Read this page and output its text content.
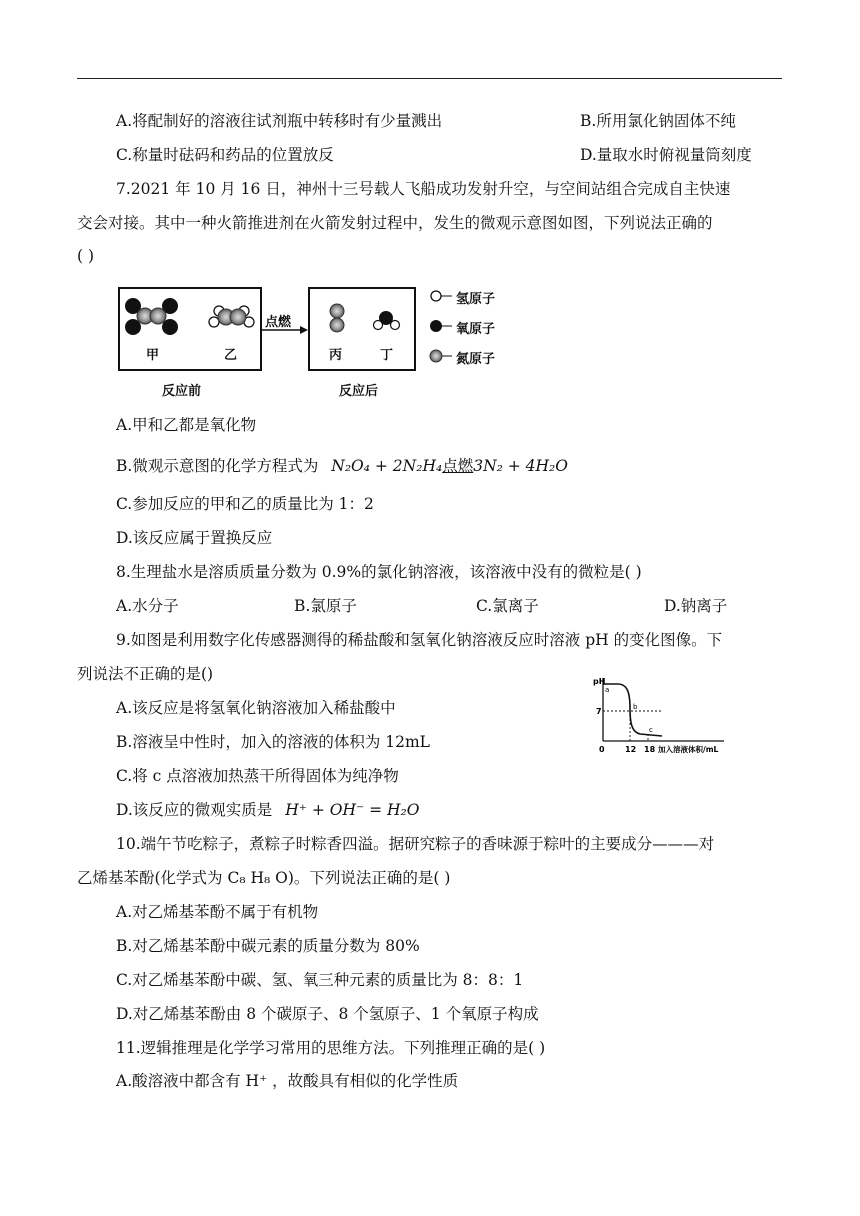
A.将配制好的溶液往试剂瓶中转移时有少量溅出	B.所用氯化钠固体不纯
C.称量时砝码和药品的位置放反	D.量取水时俯视量筒刻度
7.2021 年 10 月 16 日，神州十三号载人飞船成功发射升空，与空间站组合完成自主快速
交会对接。其中一种火箭推进剂在火箭发射过程中，发生的微观示意图如图，下列说法正确的
( )
甲	乙	丙	丁
点燃
反应前	反应后
氢原子
氧原子
氮原子
A.甲和乙都是氧化物
B.微观示意图的化学方程式为 N₂O₄ + 2N₂H₄点燃3N₂ + 4H₂O
C.参加反应的甲和乙的质量比为 1：2
D.该反应属于置换反应
8.生理盐水是溶质质量分数为 0.9%的氯化钠溶液，该溶液中没有的微粒是( )
A.水分子	B.氯原子	C.氯离子	D.钠离子
9.如图是利用数字化传感器测得的稀盐酸和氢氧化钠溶液反应时溶液 pH 的变化图像。下
列说法不正确的是()
A.该反应是将氢氧化钠溶液加入稀盐酸中
B.溶液呈中性时，加入的溶液的体积为 12mL
C.将 c 点溶液加热蒸干所得固体为纯净物
D.该反应的微观实质是 H⁺ + OH⁻ = H₂O
pH
7
0	12 18 加入溶液体积/mL
a
b
c
10.端午节吃粽子，煮粽子时粽香四溢。据研究粽子的香味源于粽叶的主要成分———对
乙烯基苯酚(化学式为 C₈ H₈ O)。下列说法正确的是( )
A.对乙烯基苯酚不属于有机物
B.对乙烯基苯酚中碳元素的质量分数为 80%
C.对乙烯基苯酚中碳、氢、氧三种元素的质量比为 8：8：1
D.对乙烯基苯酚由 8 个碳原子、8 个氢原子、1 个氧原子构成
11.逻辑推理是化学学习常用的思维方法。下列推理正确的是( )
A.酸溶液中都含有 H⁺ ，故酸具有相似的化学性质
